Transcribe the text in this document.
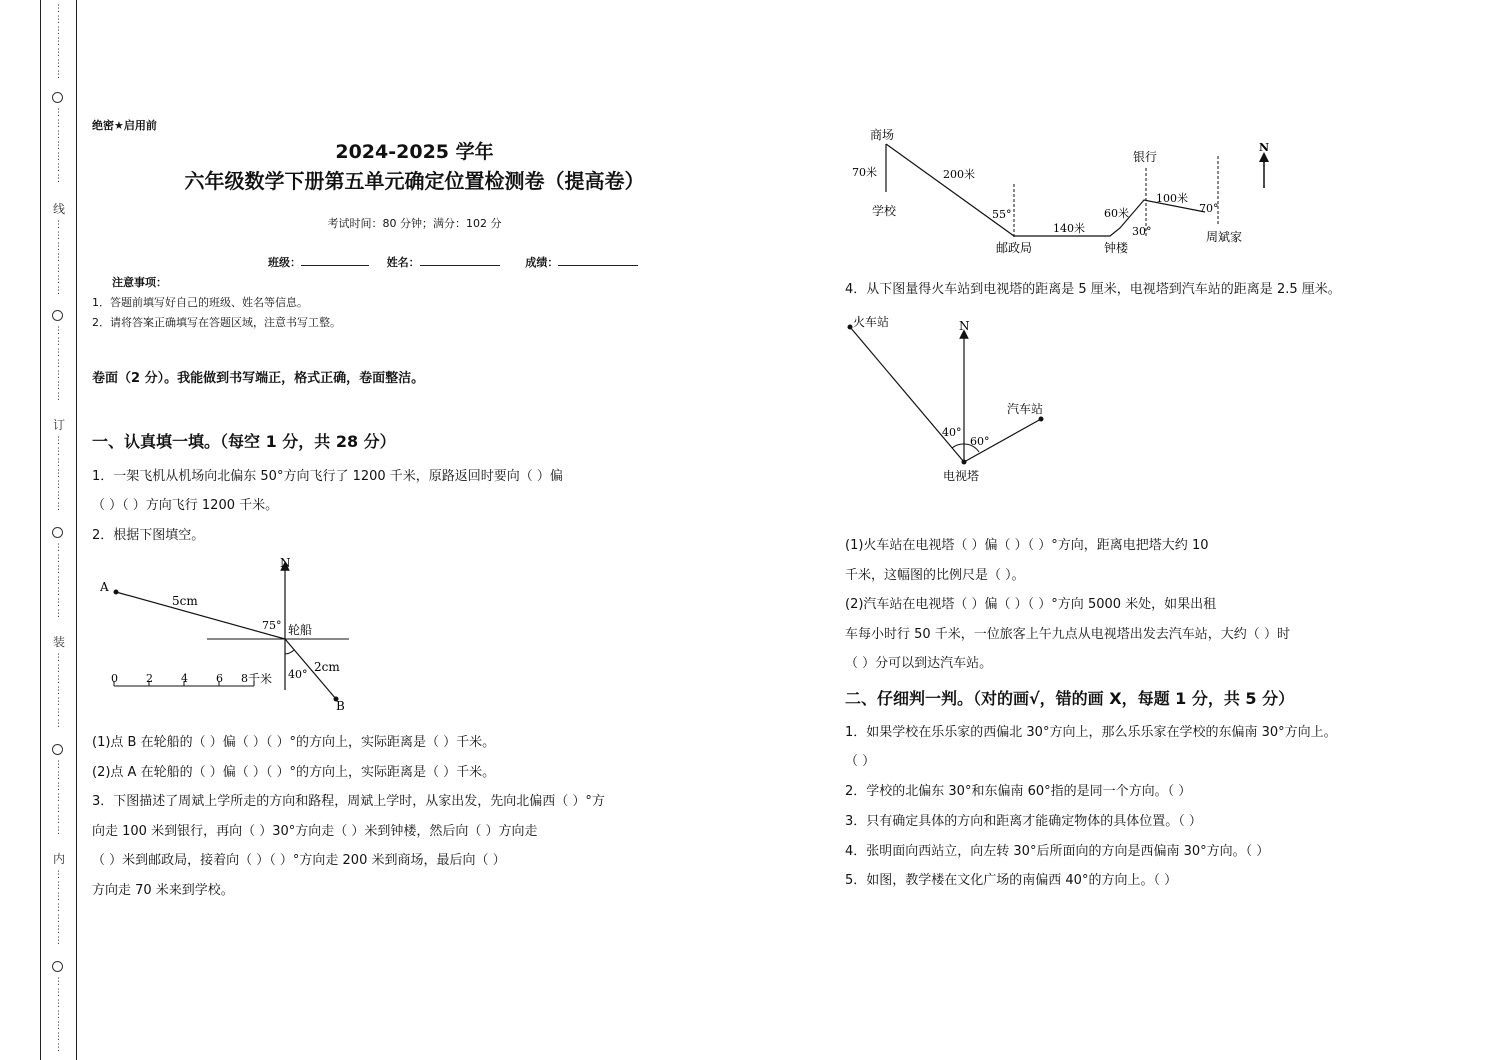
⋮
⋮
⋮
⋮
⋮
⋮
⋮
⋮
⋮
⋮
⋮
⋮
⋮
⋮
线
⋮
⋮
⋮
⋮
⋮
⋮
⋮
⋮
⋮
⋮
⋮
⋮
⋮
⋮
订
⋮
⋮
⋮
⋮
⋮
⋮
⋮
⋮
⋮
⋮
⋮
⋮
⋮
⋮
装
⋮
⋮
⋮
⋮
⋮
⋮
⋮
⋮
⋮
⋮
⋮
⋮
⋮
⋮
内
⋮
⋮
⋮
⋮
⋮
⋮
⋮
⋮
⋮
⋮
⋮
⋮
⋮
⋮
绝密★启用前
2024-2025 学年
六年级数学下册第五单元确定位置检测卷（提高卷）
考试时间：80 分钟；满分：102 分
班级：	姓名：	成绩：
注意事项：
1．答题前填写好自己的班级、姓名等信息。
2．请将答案正确填写在答题区域，注意书写工整。
卷面（2 分）。我能做到书写端正，格式正确，卷面整洁。
一、认真填一填。（每空 1 分，共 28 分）
1．一架飞机从机场向北偏东 50°方向飞行了 1200 千米，原路返回时要向（ ）偏
（ ）（ ）方向飞行 1200 千米。
2．根据下图填空。
N
A
5cm
B
2cm
75° 轮船
40°
0	2	4	6 8 千米
(1)点 B 在轮船的（ ）偏（ ）（ ）°的方向上，实际距离是（ ）千米。
(2)点 A 在轮船的（ ）偏（ ）（ ）°的方向上，实际距离是（ ）千米。
3．下图描述了周斌上学所走的方向和路程，周斌上学时，从家出发，先向北偏西（ ）°方
向走 100 米到银行，再向（ ）30°方向走（ ）米到钟楼，然后向（ ）方向走
（ ）米到邮政局，接着向（ ）（ ）°方向走 200 米到商场，最后向（ ）
方向走 70 米来到学校。
商场
70米
学校
200米
55°
邮政局
140米
钟楼
60米
30°
银行
100米
70°
周斌家
N
4．从下图量得火车站到电视塔的距离是 5 厘米，电视塔到汽车站的距离是 2.5 厘米。
N
火车站
汽车站
40°
60°
电视塔
(1)火车站在电视塔（ ）偏（ ）（ ）°方向，距离电把塔大约 10
千米，这幅图的比例尺是（ ）。
(2)汽车站在电视塔（ ）偏（ ）（ ）°方向 5000 米处，如果出租
车每小时行 50 千米，一位旅客上午九点从电视塔出发去汽车站，大约（ ）时
（ ）分可以到达汽车站。
二、仔细判一判。（对的画√，错的画 X，每题 1 分，共 5 分）
1．如果学校在乐乐家的西偏北 30°方向上，那么乐乐家在学校的东偏南 30°方向上。
（ ）
2．学校的北偏东 30°和东偏南 60°指的是同一个方向。（ ）
3．只有确定具体的方向和距离才能确定物体的具体位置。（ ）
4．张明面向西站立，向左转 30°后所面向的方向是西偏南 30°方向。（ ）
5．如图，教学楼在文化广场的南偏西 40°的方向上。（ ）
